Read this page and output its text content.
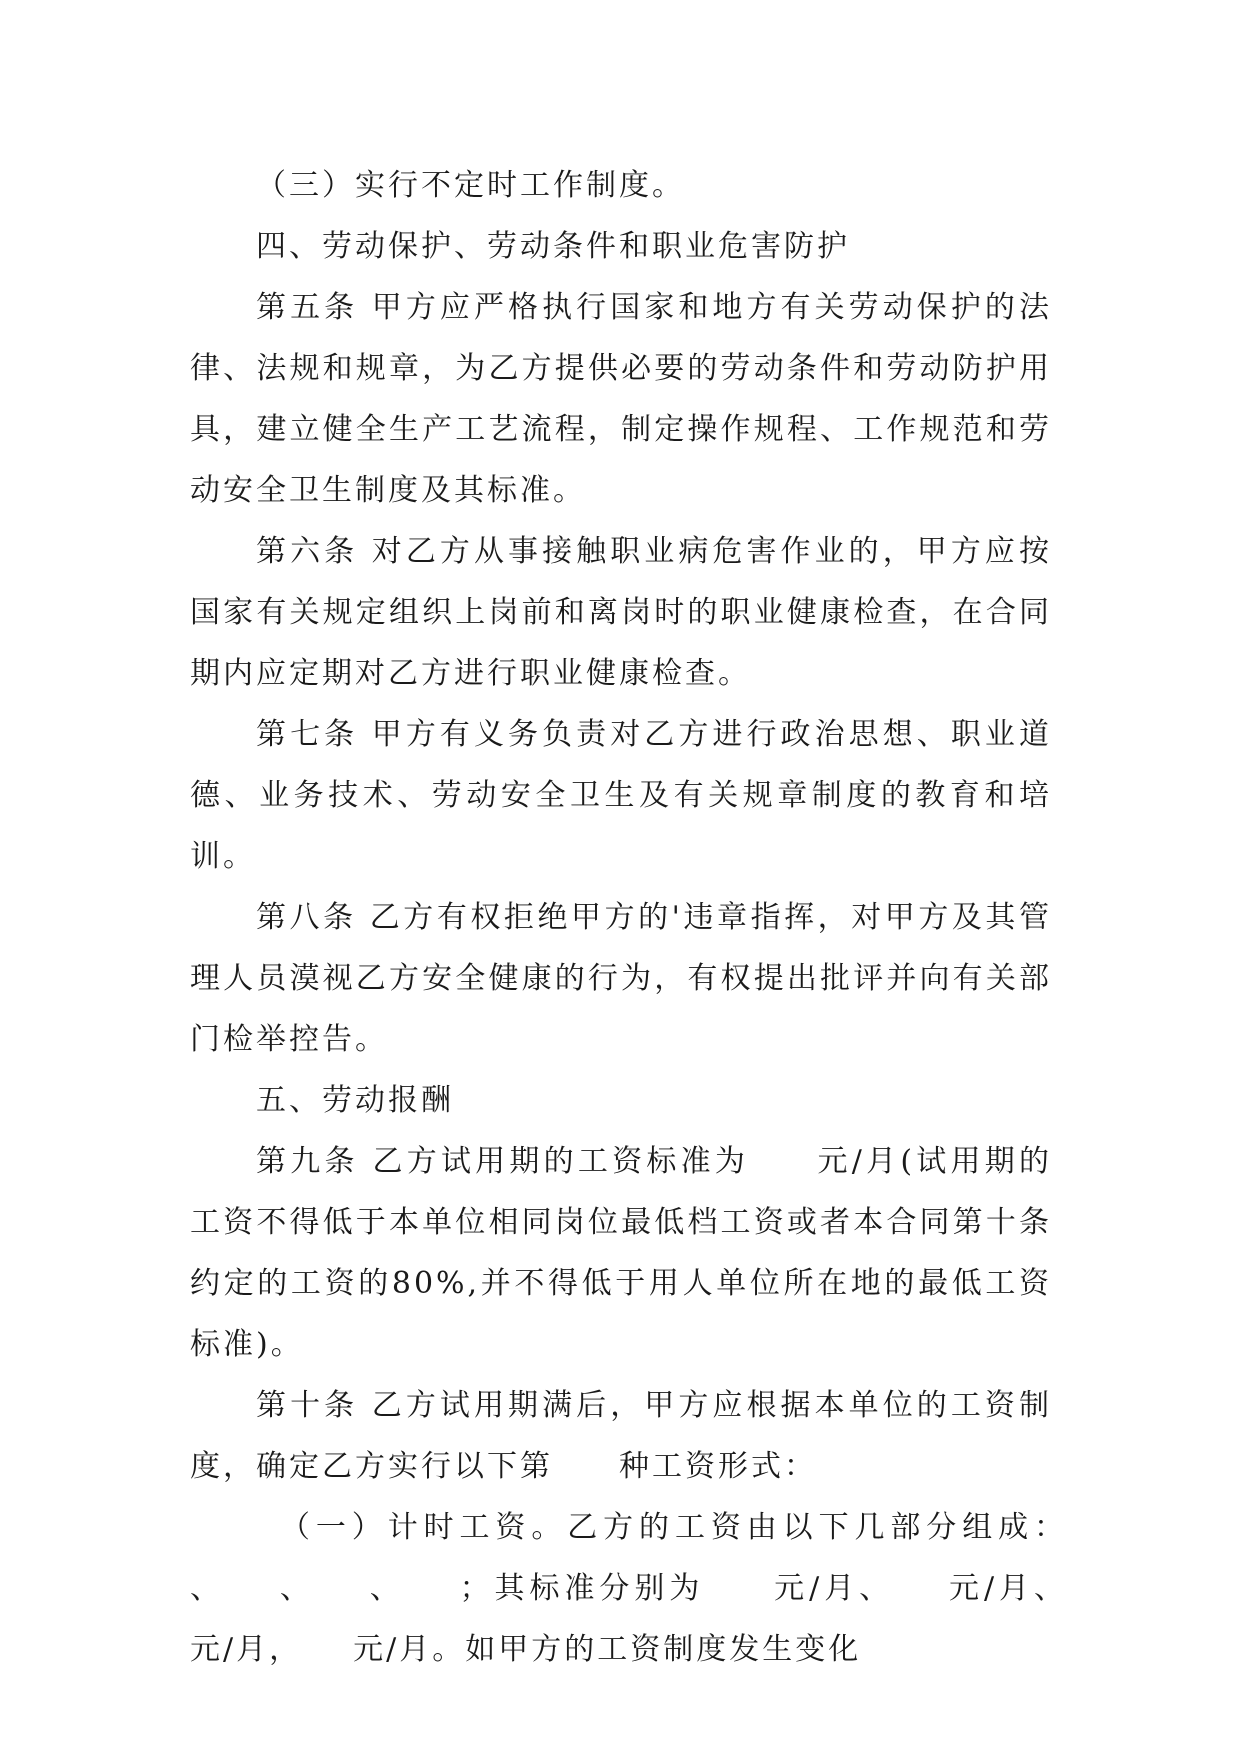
（三）实行不定时工作制度。

四、劳动保护、劳动条件和职业危害防护

第五条 甲方应严格执行国家和地方有关劳动保护的法律、法规和规章，为乙方提供必要的劳动条件和劳动防护用具，建立健全生产工艺流程，制定操作规程、工作规范和劳动安全卫生制度及其标准。

第六条 对乙方从事接触职业病危害作业的，甲方应按国家有关规定组织上岗前和离岗时的职业健康检查，在合同期内应定期对乙方进行职业健康检查。

第七条 甲方有义务负责对乙方进行政治思想、职业道德、业务技术、劳动安全卫生及有关规章制度的教育和培训。

第八条 乙方有权拒绝甲方的'违章指挥，对甲方及其管理人员漠视乙方安全健康的行为，有权提出批评并向有关部门检举控告。

五、劳动报酬

第九条 乙方试用期的工资标准为　　元/月(试用期的工资不得低于本单位相同岗位最低档工资或者本合同第十条约定的工资的80%,并不得低于用人单位所在地的最低工资标准)。

第十条 乙方试用期满后，甲方应根据本单位的工资制度，确定乙方实行以下第　　种工资形式：

（一）计时工资。乙方的工资由以下几部分组成：　　、　　、　　、　　；其标准分别为　　元/月、　　元/月、　　元/月，　　元/月。如甲方的工资制度发生变化
